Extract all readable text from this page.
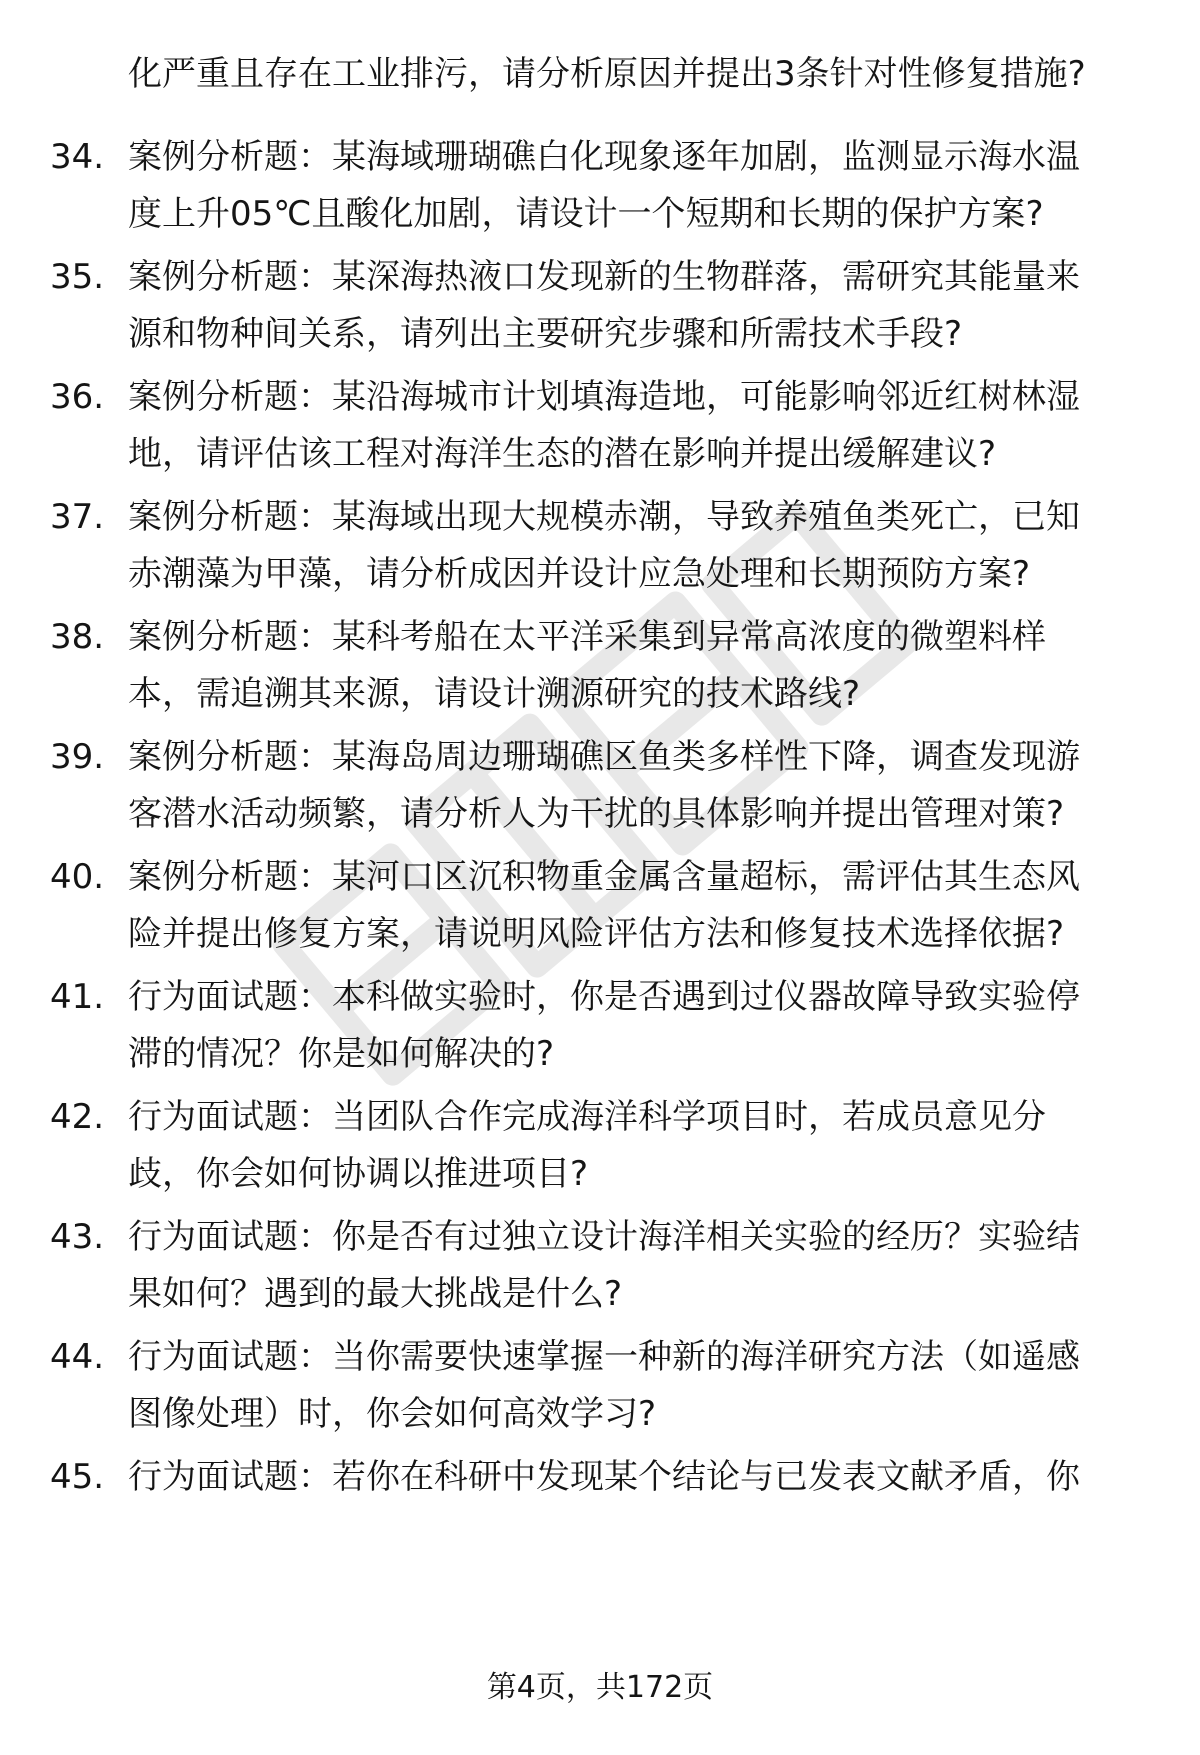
化严重且存在工业排污，请分析原因并提出3条针对性修复措施?
34. 案例分析题：某海域珊瑚礁白化现象逐年加剧，监测显示海水温
度上升05℃且酸化加剧，请设计一个短期和长期的保护方案?
35. 案例分析题：某深海热液口发现新的生物群落，需研究其能量来
源和物种间关系，请列出主要研究步骤和所需技术手段?
36. 案例分析题：某沿海城市计划填海造地，可能影响邻近红树林湿
地，请评估该工程对海洋生态的潜在影响并提出缓解建议?
37. 案例分析题：某海域出现大规模赤潮，导致养殖鱼类死亡，已知
赤潮藻为甲藻，请分析成因并设计应急处理和长期预防方案?
38. 案例分析题：某科考船在太平洋采集到异常高浓度的微塑料样
本，需追溯其来源，请设计溯源研究的技术路线?
39. 案例分析题：某海岛周边珊瑚礁区鱼类多样性下降，调查发现游
客潜水活动频繁，请分析人为干扰的具体影响并提出管理对策?
40. 案例分析题：某河口区沉积物重金属含量超标，需评估其生态风
险并提出修复方案，请说明风险评估方法和修复技术选择依据?
41. 行为面试题：本科做实验时，你是否遇到过仪器故障导致实验停
滞的情况？你是如何解决的?
42. 行为面试题：当团队合作完成海洋科学项目时，若成员意见分
歧，你会如何协调以推进项目?
43. 行为面试题：你是否有过独立设计海洋相关实验的经历？实验结
果如何？遇到的最大挑战是什么?
44. 行为面试题：当你需要快速掌握一种新的海洋研究方法（如遥感
图像处理）时，你会如何高效学习?
45. 行为面试题：若你在科研中发现某个结论与已发表文献矛盾，你
第4页，共172页
